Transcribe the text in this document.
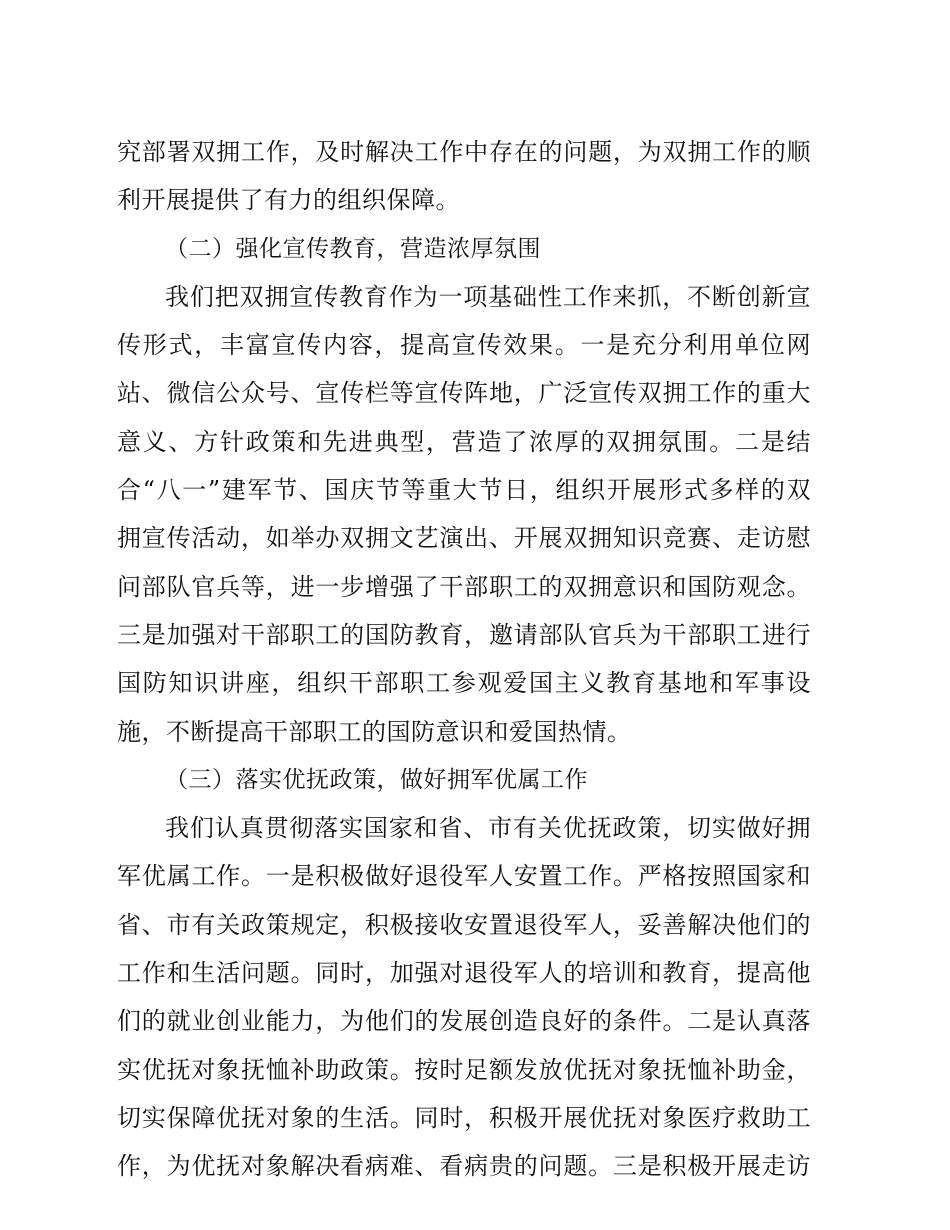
究部署双拥工作，及时解决工作中存在的问题，为双拥工作的顺
利开展提供了有力的组织保障。
（二）强化宣传教育，营造浓厚氛围
我们把双拥宣传教育作为一项基础性工作来抓，不断创新宣
传形式，丰富宣传内容，提高宣传效果。一是充分利用单位网
站、微信公众号、宣传栏等宣传阵地，广泛宣传双拥工作的重大
意义、方针政策和先进典型，营造了浓厚的双拥氛围。二是结
合“八一”建军节、国庆节等重大节日，组织开展形式多样的双
拥宣传活动，如举办双拥文艺演出、开展双拥知识竞赛、走访慰
问部队官兵等，进一步增强了干部职工的双拥意识和国防观念。
三是加强对干部职工的国防教育，邀请部队官兵为干部职工进行
国防知识讲座，组织干部职工参观爱国主义教育基地和军事设
施，不断提高干部职工的国防意识和爱国热情。
（三）落实优抚政策，做好拥军优属工作
我们认真贯彻落实国家和省、市有关优抚政策，切实做好拥
军优属工作。一是积极做好退役军人安置工作。严格按照国家和
省、市有关政策规定，积极接收安置退役军人，妥善解决他们的
工作和生活问题。同时，加强对退役军人的培训和教育，提高他
们的就业创业能力，为他们的发展创造良好的条件。二是认真落
实优抚对象抚恤补助政策。按时足额发放优抚对象抚恤补助金，
切实保障优抚对象的生活。同时，积极开展优抚对象医疗救助工
作，为优抚对象解决看病难、看病贵的问题。三是积极开展走访
